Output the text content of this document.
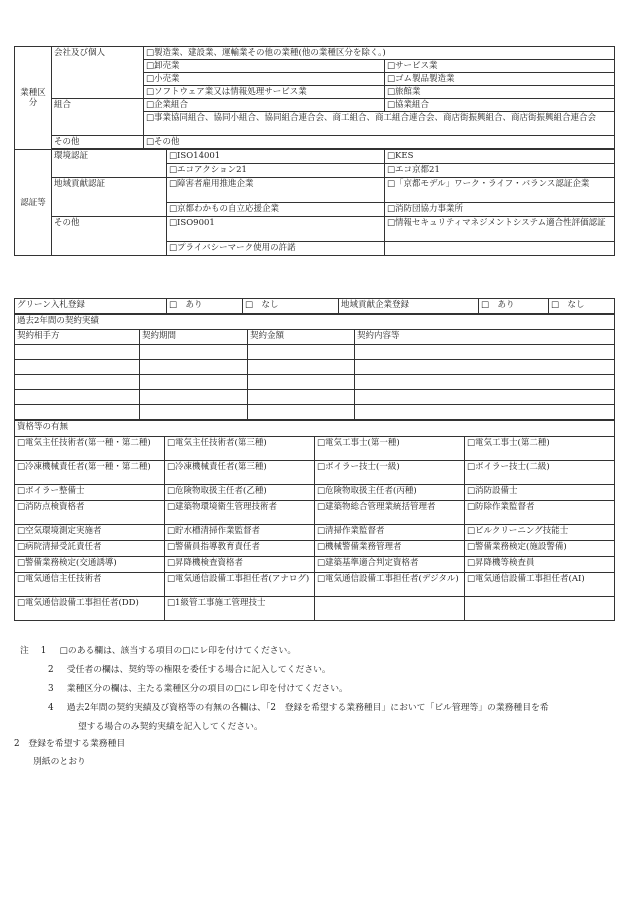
業種区分	会社及び個人	□製造業、建設業、運輸業その他の業種(他の業種区分を除く。)		
		□卸売業		□サービス業
		□小売業		□ゴム製品製造業
		□ソフトウェア業又は情報処理サービス業		□旅館業
	組合	□企業組合		□協業組合
		□事業協同組合、協同小組合、協同組合連合会、商工組合、商工組合連合会、商店街振興組合、商店街振興組合連合会		
	その他	□その他		

認証等	環境認証		□ISO14001	□KES
			□エコアクション21	□エコ京都21
	地域貢献認証		□障害者雇用推進企業	□「京都モデル」ワーク・ライフ・バランス認証企業
			□京都わかもの自立応援企業	□消防団協力事業所
	その他		□ISO9001	□情報セキュリティマネジメントシステム適合性評価認証
			□プライバシーマーク使用の許諾	
グリーン入札登録	□　あり	□　なし	地域貢献企業登録	□　あり	□　なし
過去2年間の契約実績			
契約相手方	契約期間	契約金額	契約内容等

資格等の有無			
□電気主任技術者(第一種・第二種)	□電気主任技術者(第三種)	□電気工事士(第一種)	□電気工事士(第二種)
□冷凍機械責任者(第一種・第二種)	□冷凍機械責任者(第三種)	□ボイラー技士(一級)	□ボイラー技士(二級)
□ボイラー整備士	□危険物取扱主任者(乙種)	□危険物取扱主任者(丙種)	□消防設備士
□消防点検資格者	□建築物環境衛生管理技術者	□建築物総合管理業統括管理者	□防除作業監督者
□空気環境測定実施者	□貯水槽清掃作業監督者	□清掃作業監督者	□ビルクリーニング技能士
□病院清掃受託責任者	□警備員指導教育責任者	□機械警備業務管理者	□警備業務検定(施設警備)
□警備業務検定(交通誘導)	□昇降機検査資格者	□建築基準適合判定資格者	□昇降機等検査員
□電気通信主任技術者	□電気通信設備工事担任者(アナログ)	□電気通信設備工事担任者(デジタル)	□電気通信設備工事担任者(AI)
□電気通信設備工事担任者(DD)	□1級管工事施工管理技士		

注 1 □のある欄は、該当する項目の□にレ印を付けてください。

2 受任者の欄は、契約等の権限を委任する場合に記入してください。

3 業種区分の欄は、主たる業種区分の項目の□にレ印を付けてください。

4 過去2年間の契約実績及び資格等の有無の各欄は、「2　登録を希望する業務種目」において「ビル管理等」の業務種目を希

望する場合のみ契約実績を記入してください。

2　登録を希望する業務種目
別紙のとおり
